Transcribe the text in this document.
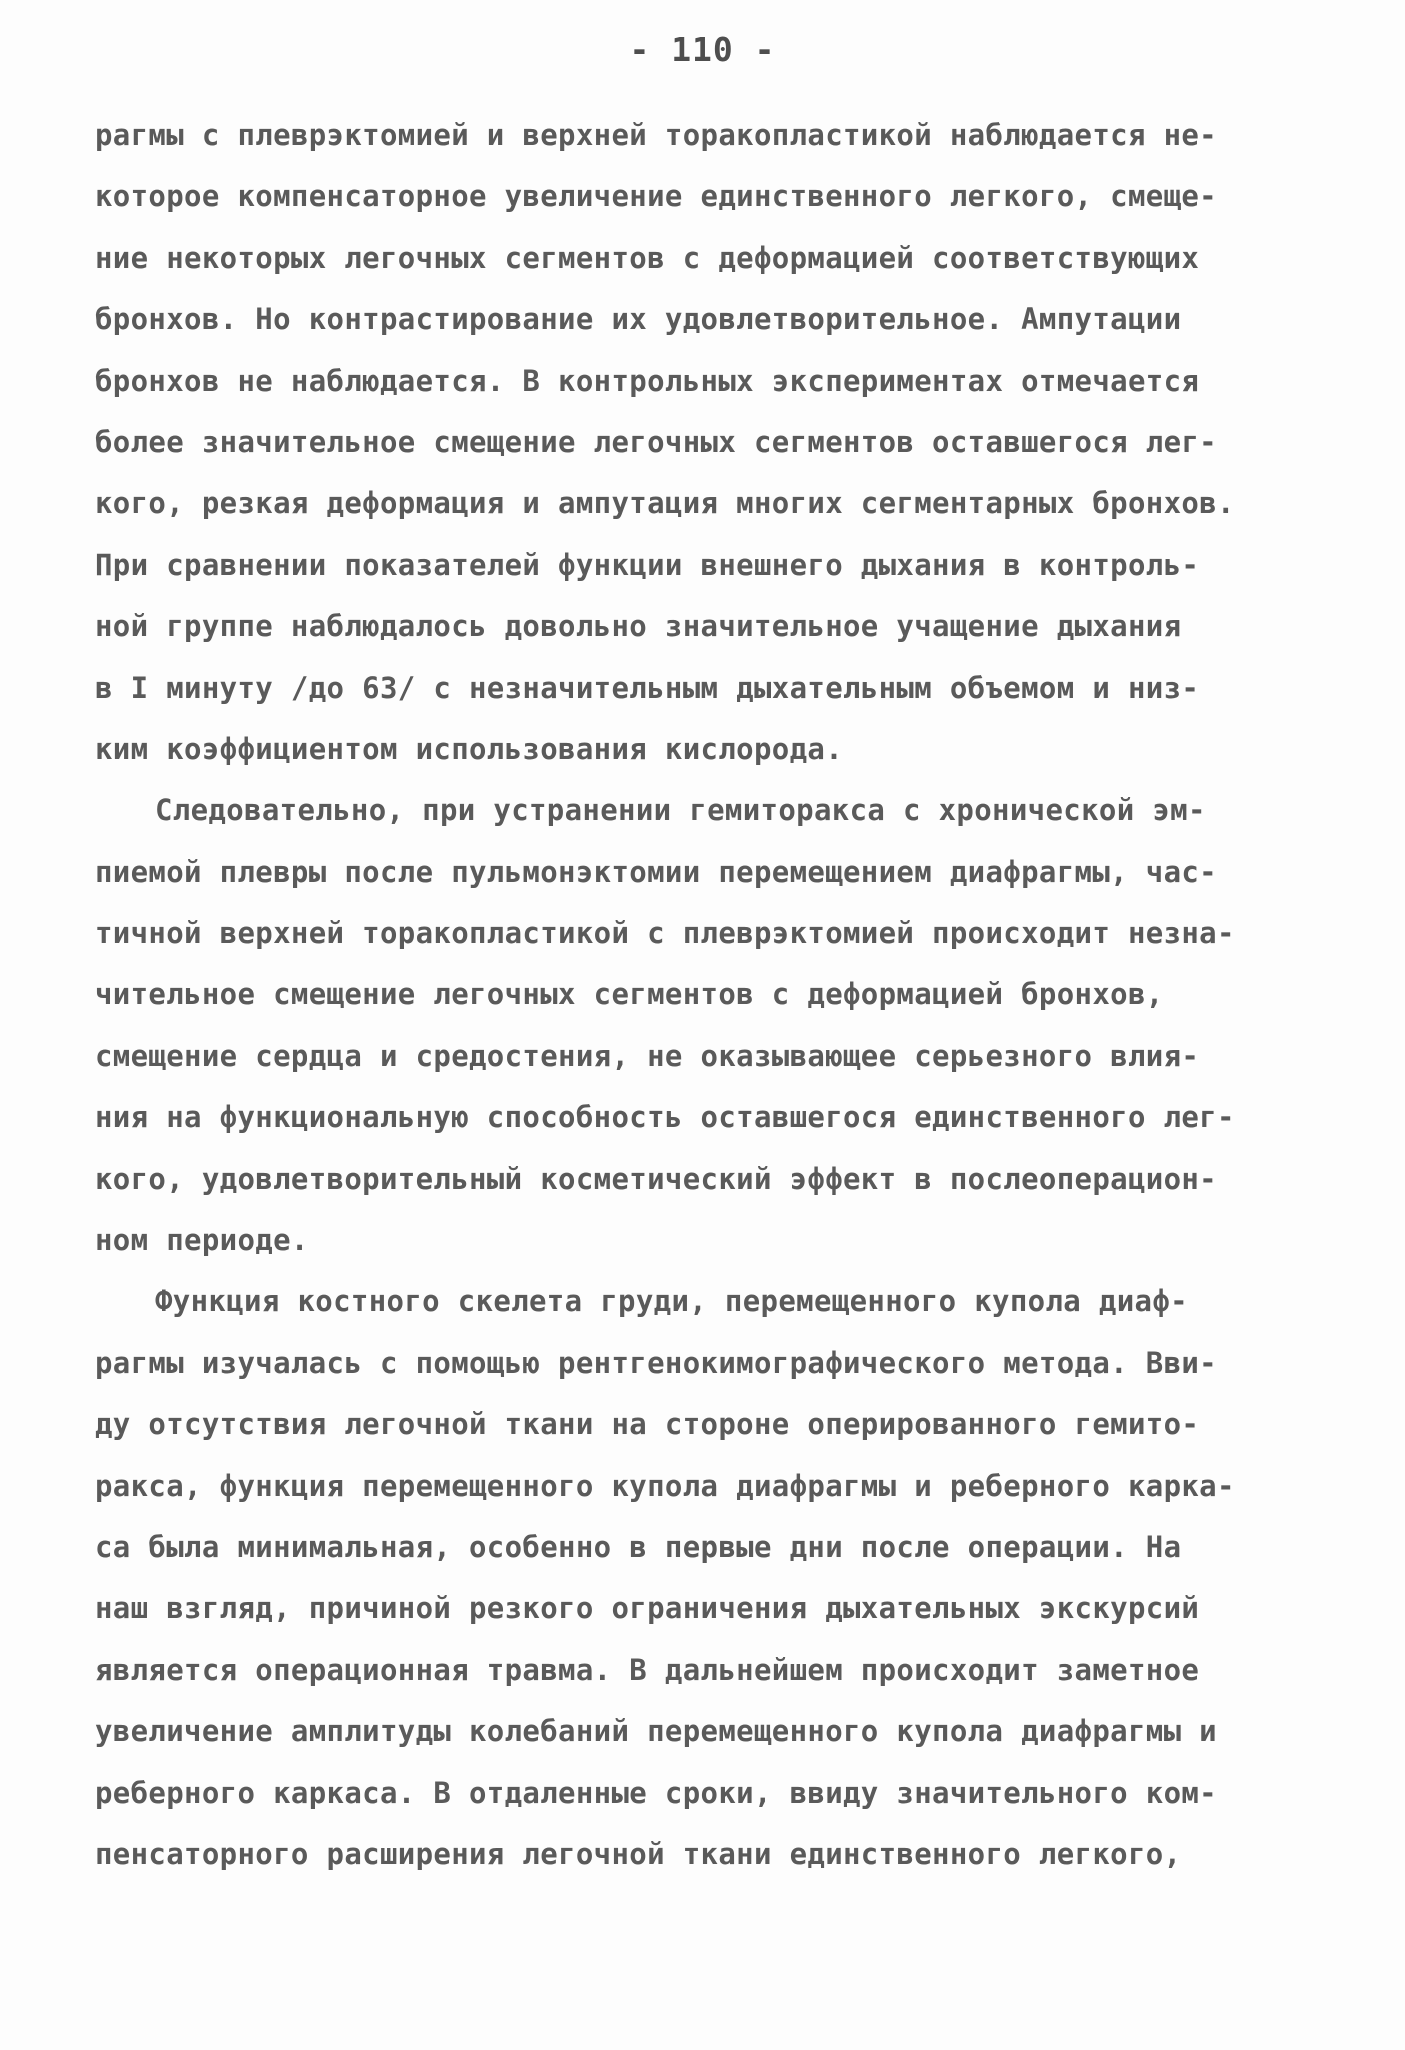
- 110 -
рагмы с плеврэктомией и верхней торакопластикой наблюдается не-
которое компенсаторное увеличение единственного легкого, смеще-
ние некоторых легочных сегментов с деформацией соответствующих
бронхов. Но контрастирование их удовлетворительное. Ампутации
бронхов не наблюдается. В контрольных экспериментах отмечается
более значительное смещение легочных сегментов оставшегося лег-
кого, резкая деформация и ампутация многих сегментарных бронхов.
При сравнении показателей функции внешнего дыхания в контроль-
ной группе наблюдалось довольно значительное учащение дыхания
в I минуту /до 63/ с незначительным дыхательным объемом и низ-
ким коэффициентом использования кислорода.
Следовательно, при устранении гемиторакса с хронической эм-
пиемой плевры после пульмонэктомии перемещением диафрагмы, час-
тичной верхней торакопластикой с плеврэктомией происходит незна-
чительное смещение легочных сегментов с деформацией бронхов,
смещение сердца и средостения, не оказывающее серьезного влия-
ния на функциональную способность оставшегося единственного лег-
кого, удовлетворительный косметический эффект в послеоперацион-
ном периоде.
Функция костного скелета груди, перемещенного купола диаф-
рагмы изучалась с помощью рентгенокимографического метода. Вви-
ду отсутствия легочной ткани на стороне оперированного гемито-
ракса, функция перемещенного купола диафрагмы и реберного карка-
са была минимальная, особенно в первые дни после операции. На
наш взгляд, причиной резкого ограничения дыхательных экскурсий
является операционная травма. В дальнейшем происходит заметное
увеличение амплитуды колебаний перемещенного купола диафрагмы и
реберного каркаса. В отдаленные сроки, ввиду значительного ком-
пенсаторного расширения легочной ткани единственного легкого,
